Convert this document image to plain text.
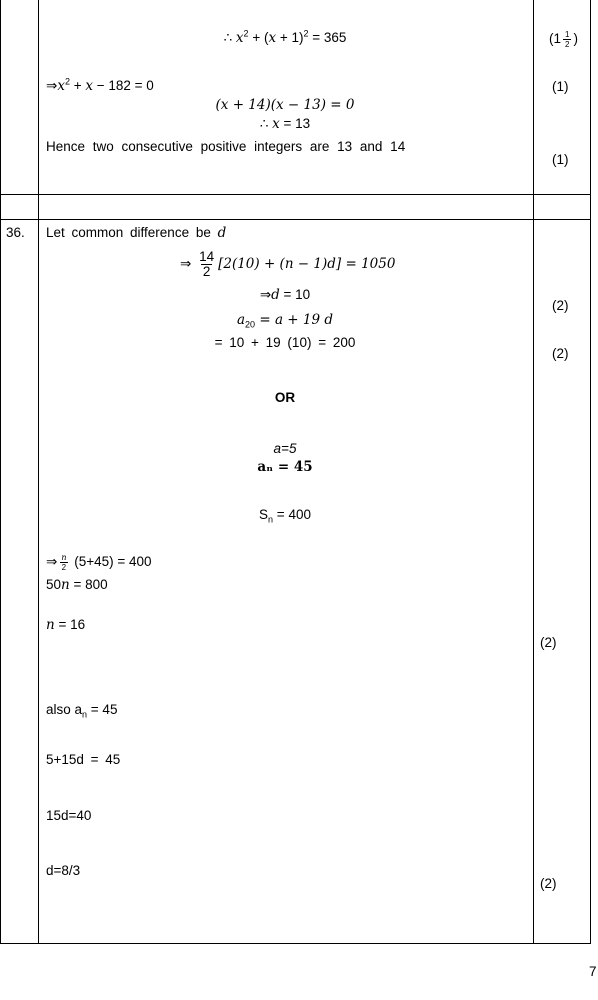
∴ $x^2 + (x + 1)^2 = 365$	($1 \frac{1}{2}$ )
$\Rightarrow x^2 + x - 182 = 0$	(1)
(x + 14)(x − 13) = 0
∴ x = 13
Hence two consecutive positive integers are 13 and 14
(1)
36. Let common difference be d
⇒ $\frac{14}{2} [2(10) + (n - 1)d] = 1050$
⇒d = 10
(2)
$a_{20} = a + 19$ d
= 10 + 19 (10) = 200
(2)
OR
a=5
aₙ = 45
$S_n = 400$
⇒ $\frac{n}{2} (5+45) = 400$
50n = 800
n = 16
(2)
also $a_n = 45$
5+15d = 45
15d=40
d=8/3
(2)
7
